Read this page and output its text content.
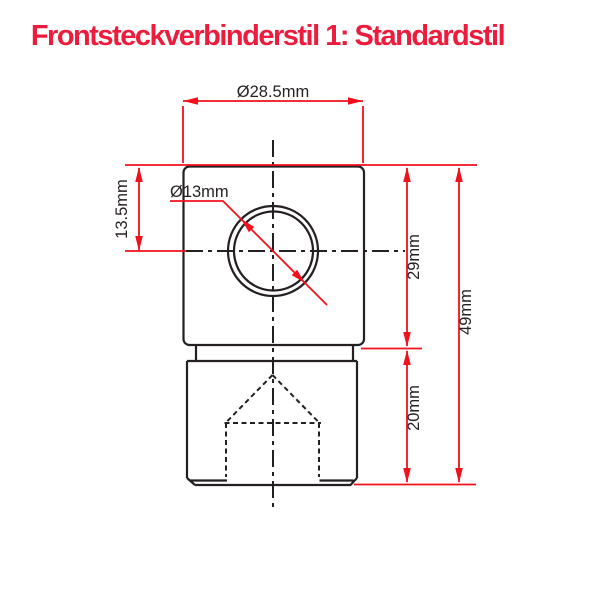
Frontsteckverbinderstil 1: Standardstil
Ø28.5mm
Ø13mm
13.5mm
29mm
20mm
49mm
